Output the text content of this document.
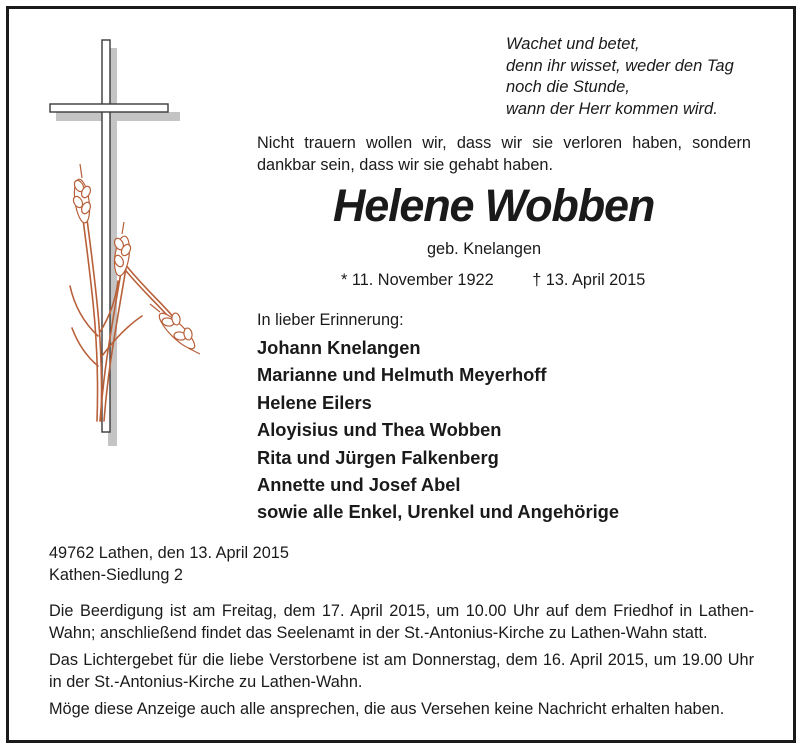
Wachet und betet,
denn ihr wisset, weder den Tag
noch die Stunde,
wann der Herr kommen wird.
Nicht trauern wollen wir, dass wir sie verloren haben, sondern dankbar sein, dass wir sie gehabt haben.
Helene Wobben
geb. Knelangen
* 11. November 1922 † 13. April 2015
In lieber Erinnerung:
Johann Knelangen
Marianne und Helmuth Meyerhoff
Helene Eilers
Aloyisius und Thea Wobben
Rita und Jürgen Falkenberg
Annette und Josef Abel
sowie alle Enkel, Urenkel und Angehörige
49762 Lathen, den 13. April 2015
Kathen-Siedlung 2

Die Beerdigung ist am Freitag, dem 17. April 2015, um 10.00 Uhr auf dem Friedhof in Lathen-Wahn; anschließend findet das Seelenamt in der St.-Antonius-Kirche zu Lathen-Wahn statt.

Das Lichtergebet für die liebe Verstorbene ist am Donnerstag, dem 16. April 2015, um 19.00 Uhr in der St.-Antonius-Kirche zu Lathen-Wahn.

Möge diese Anzeige auch alle ansprechen, die aus Versehen keine Nachricht erhalten haben.
